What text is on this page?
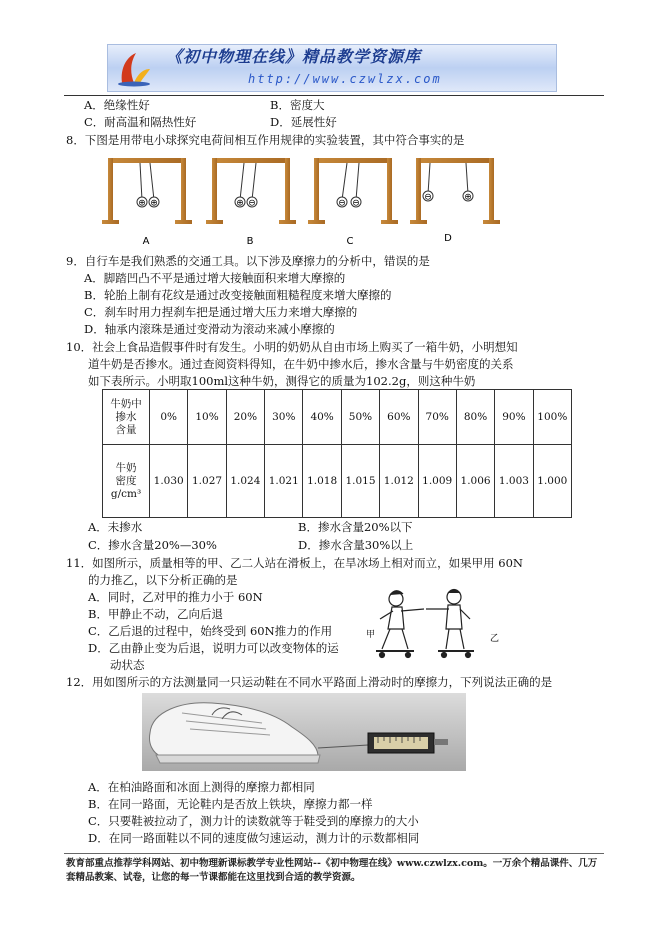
《初中物理在线》精品教学资源库
http://www.czwlzx.com
A．绝缘性好	B．密度大
C．耐高温和隔热性好	D．延展性好
8．下图是用带电小球探究电荷间相互作用规律的实验装置，其中符合事实的是
⊕ ⊕
A
⊕ ⊖
B
⊖ ⊖
C
⊖	⊕
D
9．自行车是我们熟悉的交通工具。以下涉及摩擦力的分析中，错误的是
A．脚踏凹凸不平是通过增大接触面积来增大摩擦的
B．轮胎上制有花纹是通过改变接触面粗糙程度来增大摩擦的
C．刹车时用力捏刹车把是通过增大压力来增大摩擦的
D．轴承内滚珠是通过变滑动为滚动来减小摩擦的
10．社会上食品造假事件时有发生。小明的奶奶从自由市场上购买了一箱牛奶，小明想知
道牛奶是否掺水。通过查阅资料得知，在牛奶中掺水后，掺水含量与牛奶密度的关系
如下表所示。小明取100ml这种牛奶，测得它的质量为102.2g，则这种牛奶
牛奶中
掺水
含量	0%	10%	20%	30%	40%	50%	60%	70%	80%	90%	100%
牛奶
密度
g/cm³	1.030	1.027	1.024	1.021	1.018	1.015	1.012	1.009	1.006	1.003	1.000
A．未掺水	B．掺水含量20%以下
C．掺水含量20%—30%	D．掺水含量30%以上
11．如图所示，质量相等的甲、乙二人站在滑板上，在旱冰场上相对而立，如果甲用 60N
的力推乙，以下分析正确的是
A．同时，乙对甲的推力小于 60N
B．甲静止不动，乙向后退
C．乙后退的过程中，始终受到 60N推力的作用
D．乙由静止变为后退，说明力可以改变物体的运
动状态
甲	乙
12．用如图所示的方法测量同一只运动鞋在不同水平路面上滑动时的摩擦力，下列说法正确的是
A．在柏油路面和冰面上测得的摩擦力都相同
B．在同一路面，无论鞋内是否放上铁块，摩擦力都一样
C．只要鞋被拉动了，测力计的读数就等于鞋受到的摩擦力的大小
D．在同一路面鞋以不同的速度做匀速运动，测力计的示数都相同
教育部重点推荐学科网站、初中物理新课标教学专业性网站--《初中物理在线》www.czwlzx.com。一万余个精品课件、几万套精品教案、试卷，让您的每一节课都能在这里找到合适的教学资源。
